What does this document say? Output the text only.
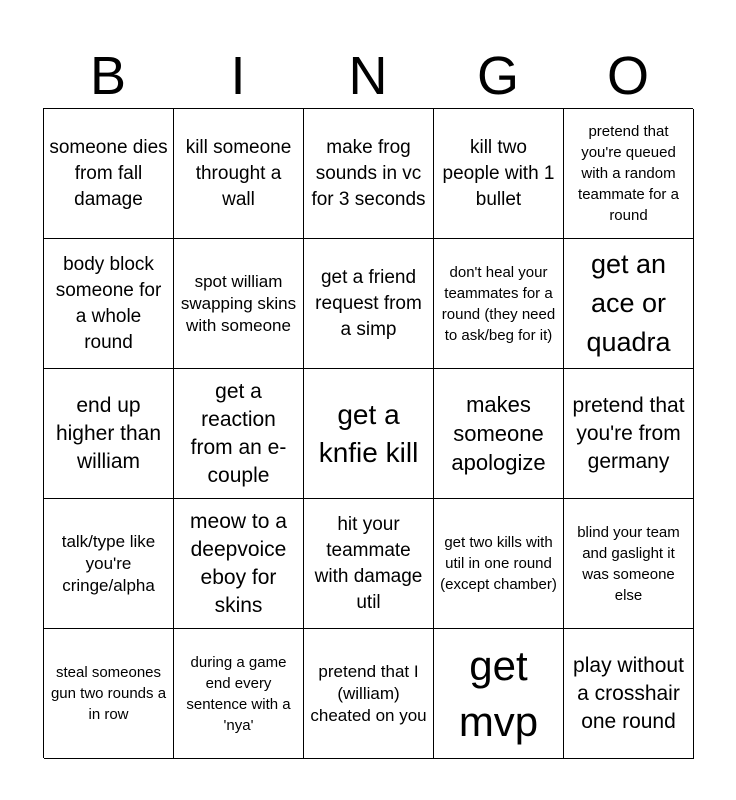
B	I	N	G	O
someone dies from fall damage
kill someone throught a wall
make frog sounds in vc for 3 seconds
kill two people with 1 bullet
pretend that you're queued with a random teammate for a round
body block someone for a whole round
spot william swapping skins with someone
get a friend request from a simp
don't heal your teammates for a round (they need to ask/beg for it)
get an ace or quadra
end up higher than william
get a reaction from an e-couple
get a knfie kill
makes someone apologize
pretend that you're from germany
talk/type like you're cringe/alpha
meow to a deepvoice eboy for skins
hit your teammate with damage util
get two kills with util in one round (except chamber)
blind your team and gaslight it was someone else
steal someones gun two rounds a in row
during a game end every sentence with a 'nya'
pretend that I (william) cheated on you
get mvp
play without a crosshair one round
